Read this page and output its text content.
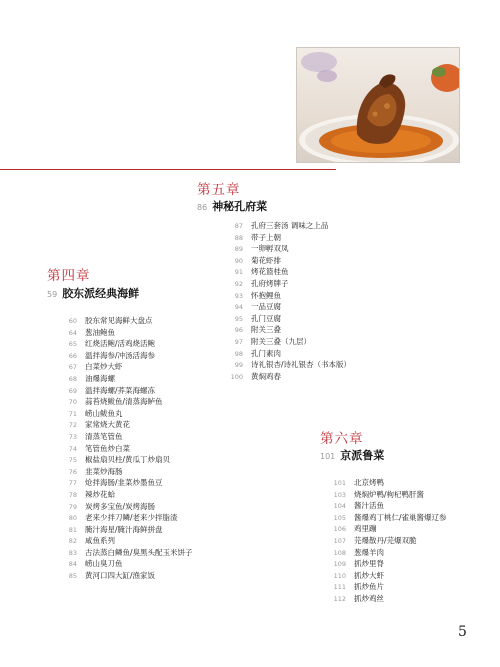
第五章
86 神秘孔府菜
87 孔府三套汤 调味之上品
88 带子上朝
89 一卵孵双凤
90 菊花虾排
91 烤花篮桂鱼
92 孔府烤牌子
93 怀抱鲤鱼
94 一品豆腐
95 孔门豆腐
96 附关三叠
97 附关三叠（九层）
98 孔门素肉
99 诗礼银杏/诗礼银杏（书本版）
100 黄焖鸡春
第四章
59 胶东派经典海鲜
60 胶东常见海鲜大盘点
64 葱油鲍鱼
65 红烧活鲍/活鸡烧活鲍
66 温拌海参/冲汤活海参
67 白菜炒大虾
68 油爆海螺
69 温拌海螺/荞菜海螺冻
70 蒜苔烧鲅鱼/清蒸海鲈鱼
71 崂山鲅鱼丸
72 家常烧大黄花
73 清蒸笔管鱼
74 笔管鱼炒白菜
75 椒盐扇贝柱/黄瓜丁炒扇贝
76 韭菜炒海肠
77 炝拌海肠/韭菜炒墨鱼豆
78 辣炒花蛤
79 炭烤多宝鱼/炭烤海肠
80 老来少拌刀鳞/老来少拌脂渣
81 腌汁海星/腌汁海鲜拼盘
82 咸鱼系列
83 古法蒸白鳞鱼/臭黑头配玉米饼子
84 崂山臭刀鱼
85 黄河口四大缸/渔家饭
第六章
101 京派鲁菜
101 北京烤鸭
103 烧焖炉鸭/枸杞鸭肝酱
104 酱汁活鱼
105 酱爆鸡丁桃仁/雀巢酱爆辽参
106 鸡里蹦
107 芫爆散丹/芫爆双脆
108 葱爆羊肉
109 抓炒里脊
110 抓炒大虾
111 抓炒鱼片
112 抓炒鸡丝
5
